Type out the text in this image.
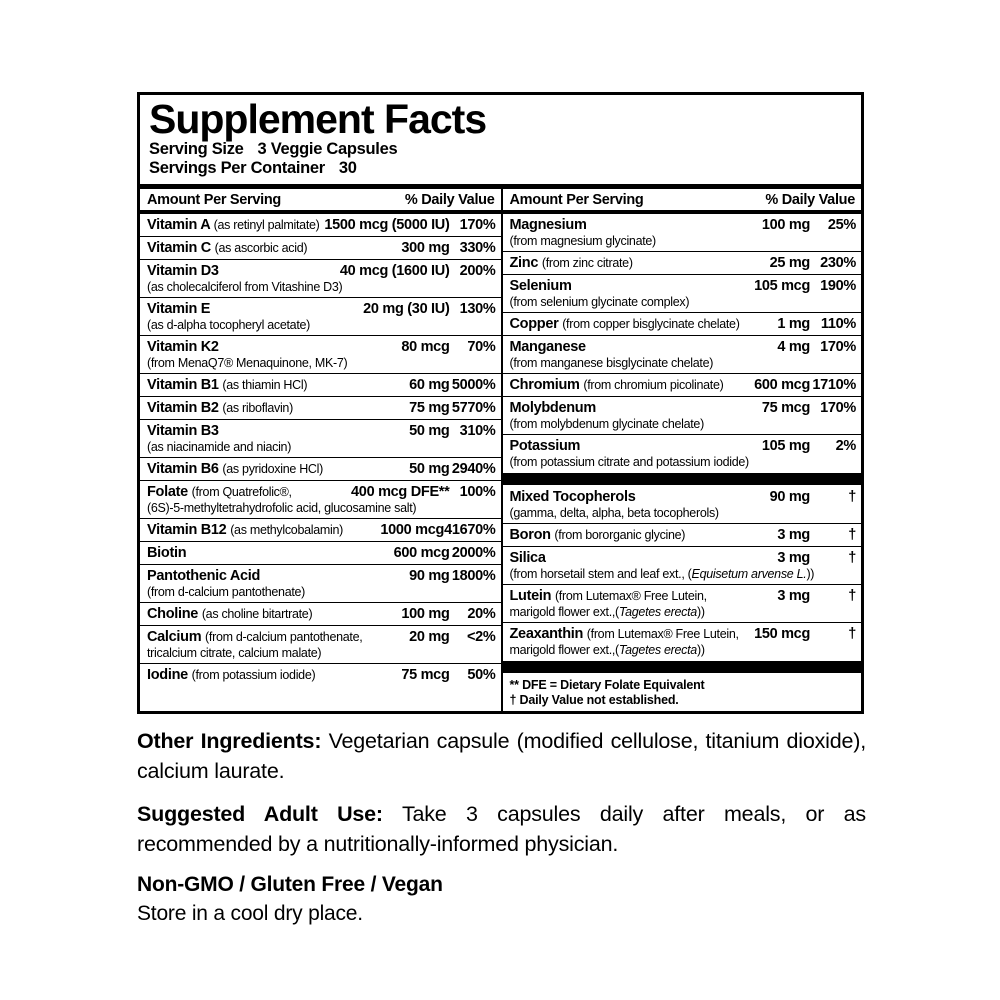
Supplement Facts
Serving Size 3 Veggie Capsules
Servings Per Container 30
Amount Per Serving	% Daily Value Amount Per Serving	% Daily Value
Vitamin A (as retinyl palmitate) 1500 mcg (5000 IU) 170%
Vitamin C (as ascorbic acid)	300 mg 330%
Vitamin D3	40 mcg (1600 IU) 200%
(as cholecalciferol from Vitashine D3)
Vitamin E	20 mg (30 IU) 130%
(as d-alpha tocopheryl acetate)
Vitamin K2	80 mcg	70%
(from MenaQ7® Menaquinone, MK-7)
Vitamin B1 (as thiamin HCl)	60 mg 5000%
Vitamin B2 (as riboflavin)	75 mg 5770%
Vitamin B3	50 mg 310%
(as niacinamide and niacin)
Vitamin B6 (as pyridoxine HCl)	50 mg 2940%
Folate (from Quatrefolic®,	400 mcg DFE** 100%
(6S)-5-methyltetrahydrofolic acid, glucosamine salt)
Vitamin B12 (as methylcobalamin)	1000 mcg 41670%
Biotin	600 mcg 2000%
Pantothenic Acid	90 mg 1800%
(from d-calcium pantothenate)
Choline (as choline bitartrate)	100 mg	20%
Calcium (from d-calcium pantothenate,	20 mg	<2%
tricalcium citrate, calcium malate)
Iodine (from potassium iodide)	75 mcg	50%
Magnesium	100 mg	25%
(from magnesium glycinate)
Zinc (from zinc citrate)	25 mg 230%
Selenium	105 mcg 190%
(from selenium glycinate complex)
Copper (from copper bisglycinate chelate)	1 mg 110%
Manganese	4 mg 170%
(from manganese bisglycinate chelate)
Chromium (from chromium picolinate) 600 mcg 1710%
Molybdenum	75 mcg 170%
(from molybdenum glycinate chelate)
Potassium	105 mg	2%
(from potassium citrate and potassium iodide)
Mixed Tocopherols	90 mg	†
(gamma, delta, alpha, beta tocopherols)
Boron (from bororganic glycine)	3 mg	†
Silica	3 mg	†
(from horsetail stem and leaf ext., (Equisetum arvense L.))
Lutein (from Lutemax® Free Lutein,	3 mg	†
marigold flower ext.,(Tagetes erecta))
Zeaxanthin (from Lutemax® Free Lutein, 150 mcg	†
marigold flower ext.,(Tagetes erecta))
** DFE = Dietary Folate Equivalent
† Daily Value not established.
Other Ingredients: Vegetarian capsule (modified cellulose, titanium dioxide), calcium laurate.
Suggested Adult Use: Take 3 capsules daily after meals, or as recommended by a nutritionally-informed physician.
Non-GMO / Gluten Free / Vegan
Store in a cool dry place.
